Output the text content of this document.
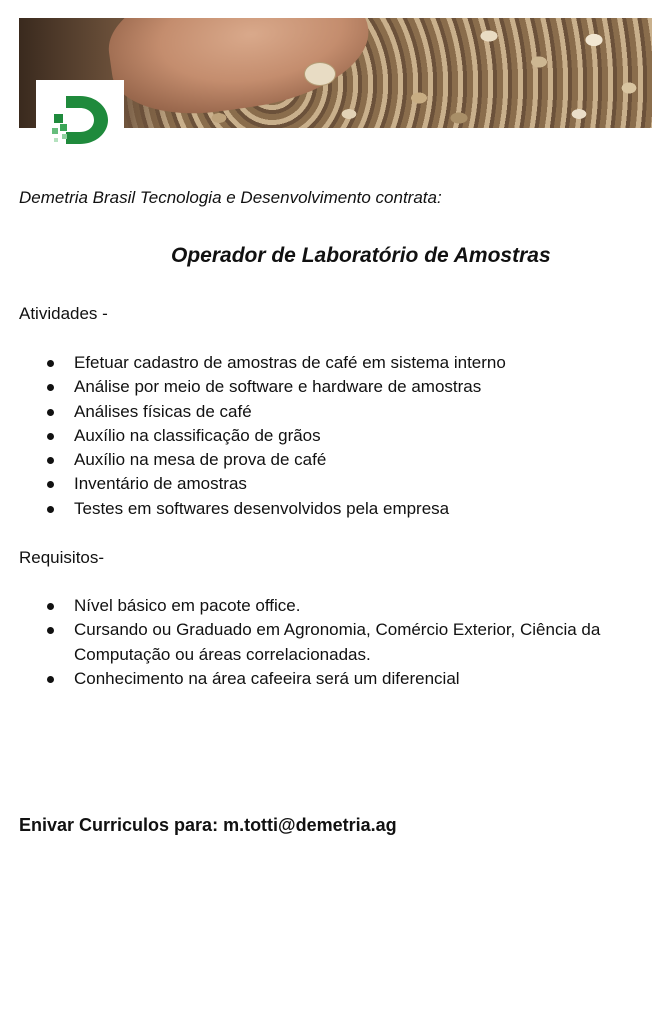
Demetria Brasil Tecnologia e Desenvolvimento contrata:
Operador de Laboratório de Amostras
Atividades -
Efetuar cadastro de amostras de café em sistema interno
Análise por meio de software e hardware de amostras
Análises físicas de café
Auxílio na classificação de grãos
Auxílio na mesa de prova de café
Inventário de amostras
Testes em softwares desenvolvidos pela empresa
Requisitos-
Nível básico em pacote office.
Cursando ou Graduado em Agronomia, Comércio Exterior, Ciência da Computação ou áreas correlacionadas.
Conhecimento na área cafeeira será um diferencial
Enivar Curriculos para: m.totti@demetria.ag
